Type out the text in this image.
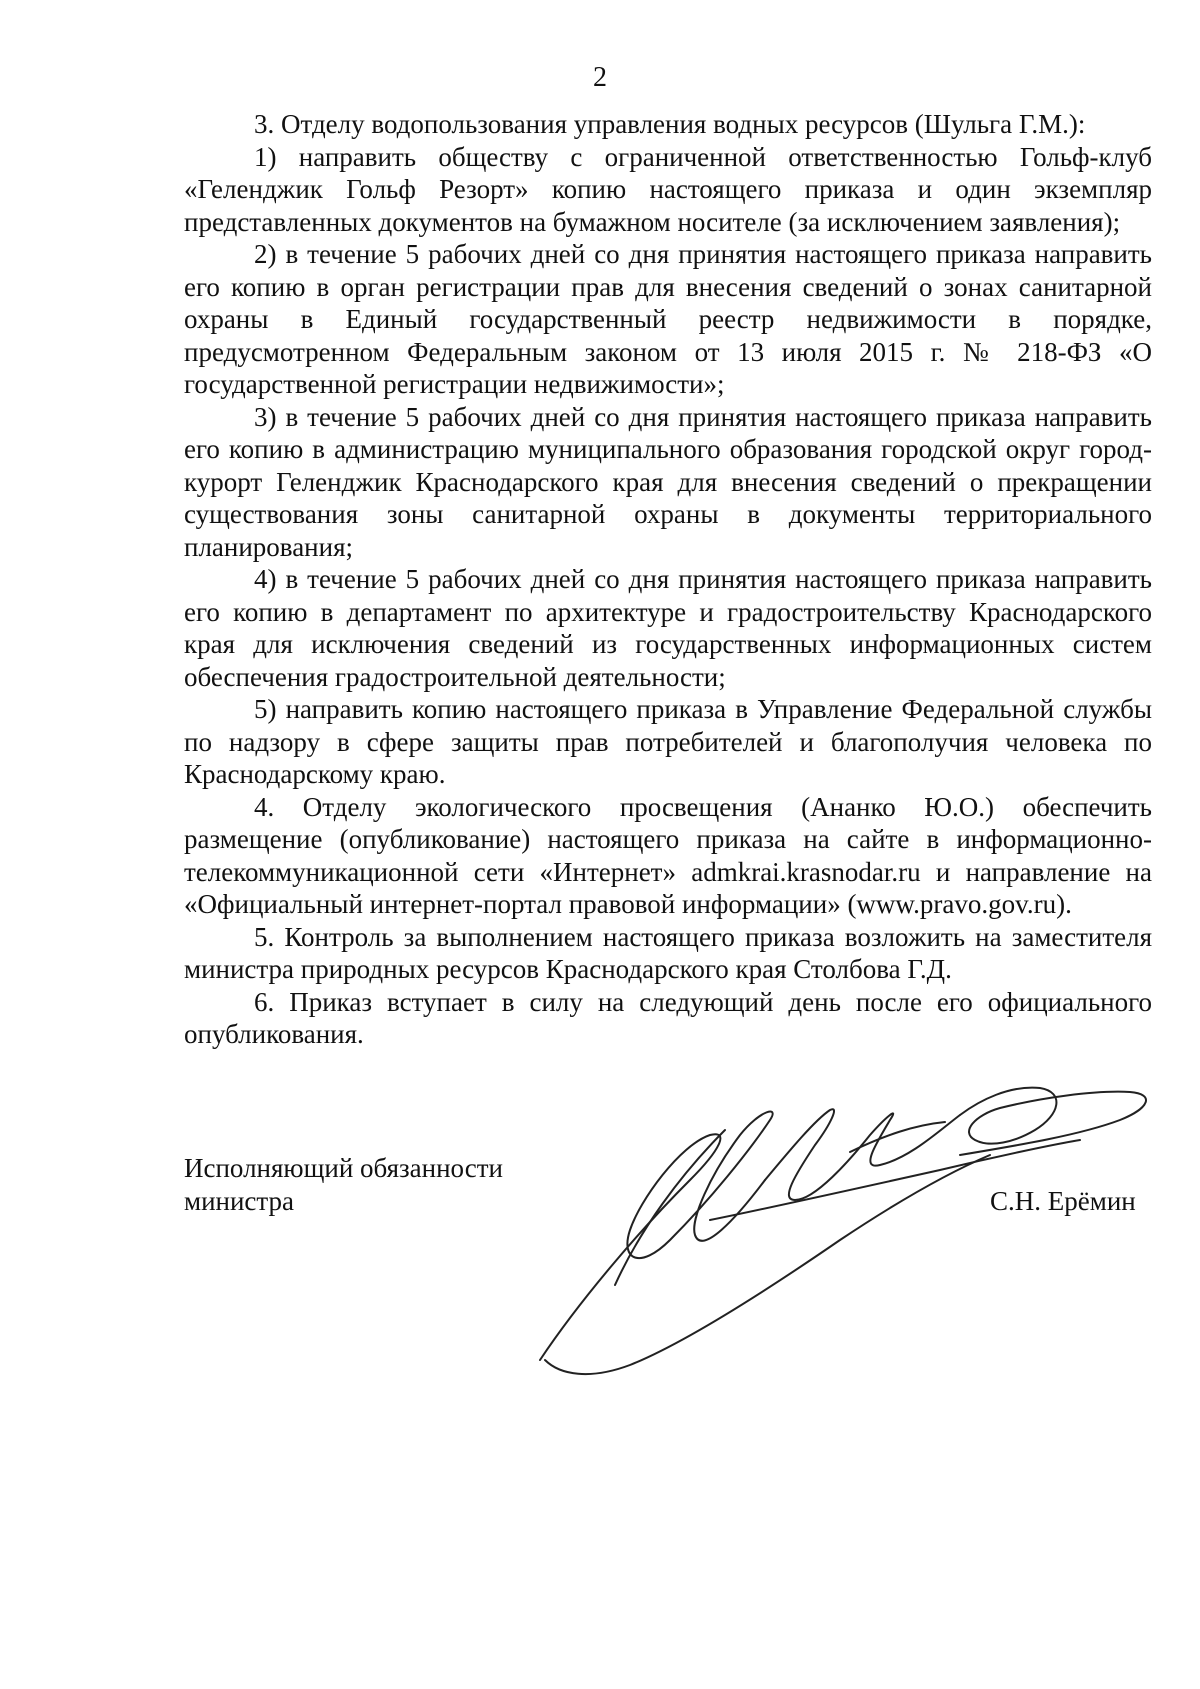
2

3. Отделу водопользования управления водных ресурсов (Шульга Г.М.):

1) направить обществу с ограниченной ответственностью Гольф-клуб «Геленджик Гольф Резорт» копию настоящего приказа и один экземпляр представленных документов на бумажном носителе (за исключением заявления);

2) в течение 5 рабочих дней со дня принятия настоящего приказа направить его копию в орган регистрации прав для внесения сведений о зонах санитарной охраны в Единый государственный реестр недвижимости в порядке, предусмотренном Федеральным законом от 13 июля 2015 г. № 218-ФЗ «О государственной регистрации недвижимости»;

3) в течение 5 рабочих дней со дня принятия настоящего приказа направить его копию в администрацию муниципального образования городской округ город-курорт Геленджик Краснодарского края для внесения сведений о прекращении существования зоны санитарной охраны в документы территориального планирования;

4) в течение 5 рабочих дней со дня принятия настоящего приказа направить его копию в департамент по архитектуре и градостроительству Краснодарского края для исключения сведений из государственных информационных систем обеспечения градостроительной деятельности;

5) направить копию настоящего приказа в Управление Федеральной службы по надзору в сфере защиты прав потребителей и благополучия человека по Краснодарскому краю.

4. Отделу экологического просвещения (Ананко Ю.О.) обеспечить размещение (опубликование) настоящего приказа на сайте в информационно-телекоммуникационной сети «Интернет» admkrai.krasnodar.ru и направление на «Официальный интернет-портал правовой информации» (www.pravo.gov.ru).

5. Контроль за выполнением настоящего приказа возложить на заместителя министра природных ресурсов Краснодарского края Столбова Г.Д.

6. Приказ вступает в силу на следующий день после его официального опубликования.

Исполняющий обязанности
министра	С.Н. Ерёмин
